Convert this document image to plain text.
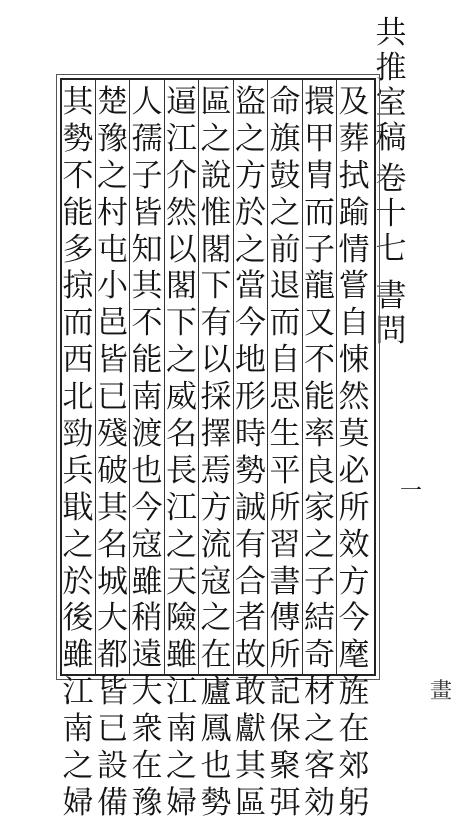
共
推
室
稿
卷
十
七
書
問
及
葬
拭
踰
情
嘗
自
悚
然
莫
必
所
效
方
今
麾
旌
在
郊
躬
擐
甲
胄
而
子
龍
又
不
能
率
良
家
之
子
結
奇
材
之
客
効
命
旗
鼓
之
前
退
而
自
思
生
平
所
習
書
傳
所
記
保
聚
弭
盜
之
方
於
之
當
今
地
形
時
勢
誠
有
合
者
故
敢
獻
其
區
區
之
說
惟
閣
下
有
以
採
擇
焉
方
流
寇
之
在
廬
鳳
也
勢
逼
江
介
然
以
閣
下
之
威
名
長
江
之
天
險
雖
江
南
之
婦
人
孺
子
皆
知
其
不
能
南
渡
也
今
寇
雖
稍
遠
大
衆
在
豫
楚
豫
之
村
屯
小
邑
皆
已
殘
破
其
名
城
大
都
皆
已
設
備
其
勢
不
能
多
掠
而
西
北
勁
兵
戢
之
於
後
雖
江
南
之
婦
一
畫
